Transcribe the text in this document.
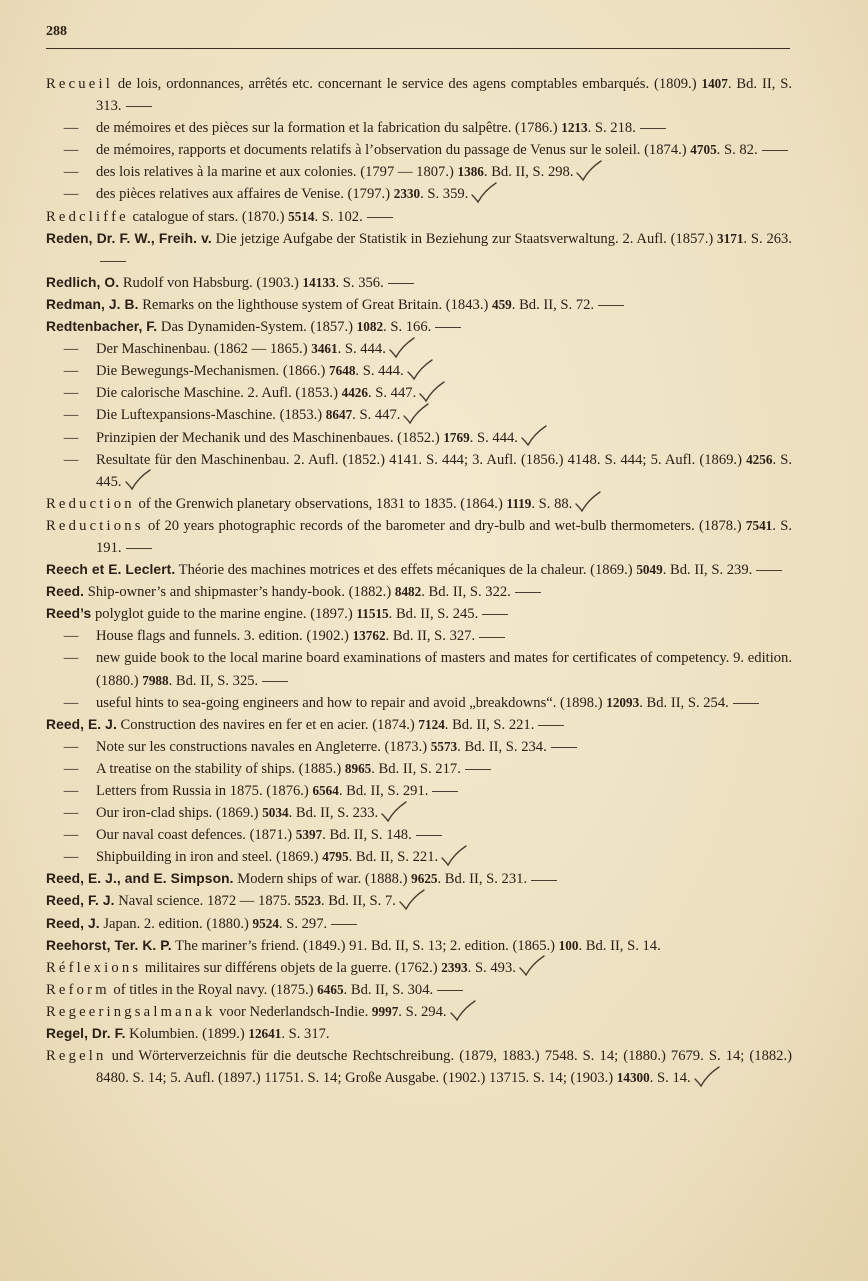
288
Recueil de lois, ordonnances, arrêtés etc. concernant le service des agens comptables embarqués. (1809.) 1407. Bd. II, S. 313.
— de mémoires et des pièces sur la formation et la fabrication du salpêtre. (1786.) 1213. S. 218.
— de mémoires, rapports et documents relatifs à l’observation du passage de Venus sur le soleil. (1874.) 4705. S. 82.
— des lois relatives à la marine et aux colonies. (1797 — 1807.) 1386. Bd. II, S. 298.
— des pièces relatives aux affaires de Venise. (1797.) 2330. S. 359.
Redcliffe catalogue of stars. (1870.) 5514. S. 102.
Reden, Dr. F. W., Freih. v. Die jetzige Aufgabe der Statistik in Beziehung zur Staatsverwaltung. 2. Aufl. (1857.) 3171. S. 263.
Redlich, O. Rudolf von Habsburg. (1903.) 14133. S. 356.
Redman, J. B. Remarks on the lighthouse system of Great Britain. (1843.) 459. Bd. II, S. 72.
Redtenbacher, F. Das Dynamiden-System. (1857.) 1082. S. 166.
— Der Maschinenbau. (1862 — 1865.) 3461. S. 444.
— Die Bewegungs-Mechanismen. (1866.) 7648. S. 444.
— Die calorische Maschine. 2. Aufl. (1853.) 4426. S. 447.
— Die Luftexpansions-Maschine. (1853.) 8647. S. 447.
— Prinzipien der Mechanik und des Maschinenbaues. (1852.) 1769. S. 444.
— Resultate für den Maschinenbau. 2. Aufl. (1852.) 4141. S. 444; 3. Aufl. (1856.) 4148. S. 444; 5. Aufl. (1869.) 4256. S. 445.
Reduction of the Grenwich planetary observations, 1831 to 1835. (1864.) 1119. S. 88.
Reductions of 20 years photographic records of the barometer and dry-bulb and wet-bulb thermometers. (1878.) 7541. S. 191.
Reech et E. Leclert. Théorie des machines motrices et des effets mécaniques de la chaleur. (1869.) 5049. Bd. II, S. 239.
Reed. Ship-owner’s and shipmaster’s handy-book. (1882.) 8482. Bd. II, S. 322.
Reed’s polyglot guide to the marine engine. (1897.) 11515. Bd. II, S. 245.
— House flags and funnels. 3. edition. (1902.) 13762. Bd. II, S. 327.
— new guide book to the local marine board examinations of masters and mates for certificates of competency. 9. edition. (1880.) 7988. Bd. II, S. 325.
— useful hints to sea-going engineers and how to repair and avoid „breakdowns“. (1898.) 12093. Bd. II, S. 254.
Reed, E. J. Construction des navires en fer et en acier. (1874.) 7124. Bd. II, S. 221.
— Note sur les constructions navales en Angleterre. (1873.) 5573. Bd. II, S. 234.
— A treatise on the stability of ships. (1885.) 8965. Bd. II, S. 217.
— Letters from Russia in 1875. (1876.) 6564. Bd. II, S. 291.
— Our iron-clad ships. (1869.) 5034. Bd. II, S. 233.
— Our naval coast defences. (1871.) 5397. Bd. II, S. 148.
— Shipbuilding in iron and steel. (1869.) 4795. Bd. II, S. 221.
Reed, E. J., and E. Simpson. Modern ships of war. (1888.) 9625. Bd. II, S. 231.
Reed, F. J. Naval science. 1872 — 1875. 5523. Bd. II, S. 7.
Reed, J. Japan. 2. edition. (1880.) 9524. S. 297.
Reehorst, Ter. K. P. The mariner’s friend. (1849.) 91. Bd. II, S. 13; 2. edition. (1865.) 100. Bd. II, S. 14.
Réflexions militaires sur différens objets de la guerre. (1762.) 2393. S. 493.
Reform of titles in the Royal navy. (1875.) 6465. Bd. II, S. 304.
Regeeringsalmanak voor Nederlandsch-Indie. 9997. S. 294.
Regel, Dr. F. Kolumbien. (1899.) 12641. S. 317.
Regeln und Wörterverzeichnis für die deutsche Rechtschreibung. (1879, 1883.) 7548. S. 14; (1880.) 7679. S. 14; (1882.) 8480. S. 14; 5. Aufl. (1897.) 11751. S. 14; Große Ausgabe. (1902.) 13715. S. 14; (1903.) 14300. S. 14.
